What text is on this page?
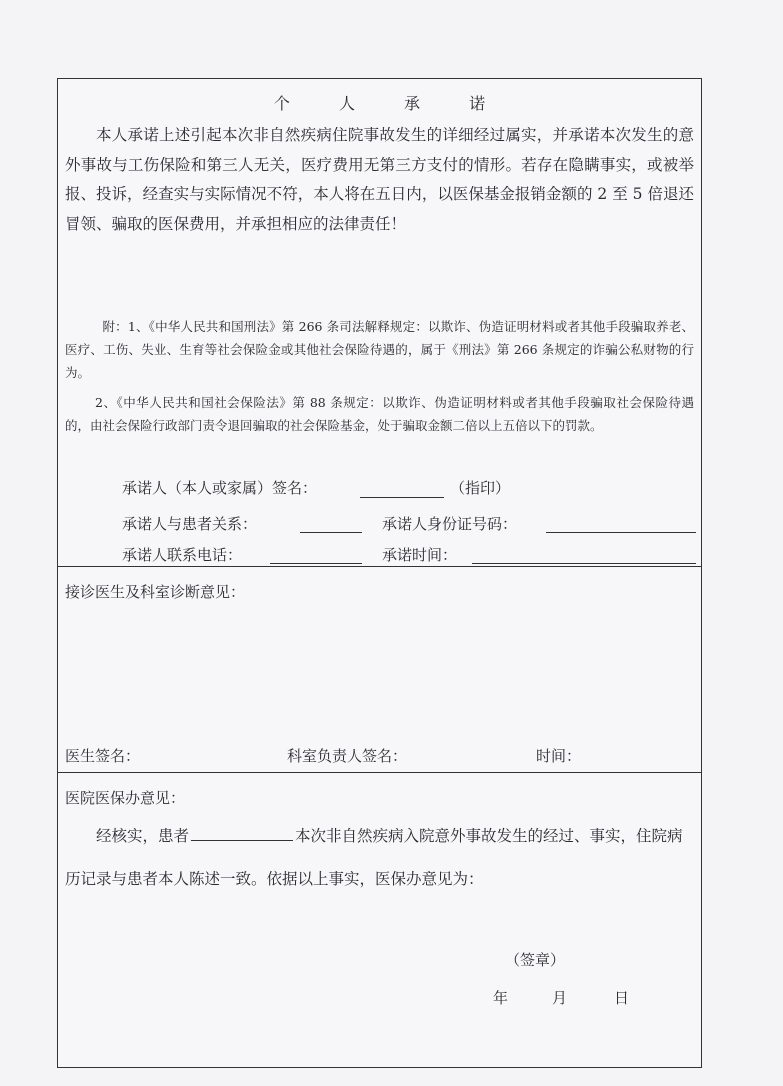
个 人 承 诺

本人承诺上述引起本次非自然疾病住院事故发生的详细经过属实，并承诺本次发生的意外事故与工伤保险和第三人无关，医疗费用无第三方支付的情形。若存在隐瞒事实，或被举报、投诉，经查实与实际情况不符，本人将在五日内，以医保基金报销金额的 2 至 5 倍退还冒领、骗取的医保费用，并承担相应的法律责任！

附：1、《中华人民共和国刑法》第 266 条司法解释规定：以欺诈、伪造证明材料或者其他手段骗取养老、医疗、工伤、失业、生育等社会保险金或其他社会保险待遇的，属于《刑法》第 266 条规定的诈骗公私财物的行为。

2、《中华人民共和国社会保险法》第 88 条规定：以欺诈、伪造证明材料或者其他手段骗取社会保险待遇的，由社会保险行政部门责令退回骗取的社会保险基金，处于骗取金额二倍以上五倍以下的罚款。

承诺人（本人或家属）签名：	（指印）
承诺人与患者关系：	承诺人身份证号码：
承诺人联系电话：	承诺时间：
接诊医生及科室诊断意见：
医生签名：	科室负责人签名：	时间：
医院医保办意见：

经核实，患者	本次非自然疾病入院意外事故发生的经过、事实，住院病历记录与患者本人陈述一致。依据以上事实，医保办意见为：

（签章）
年	月	日
